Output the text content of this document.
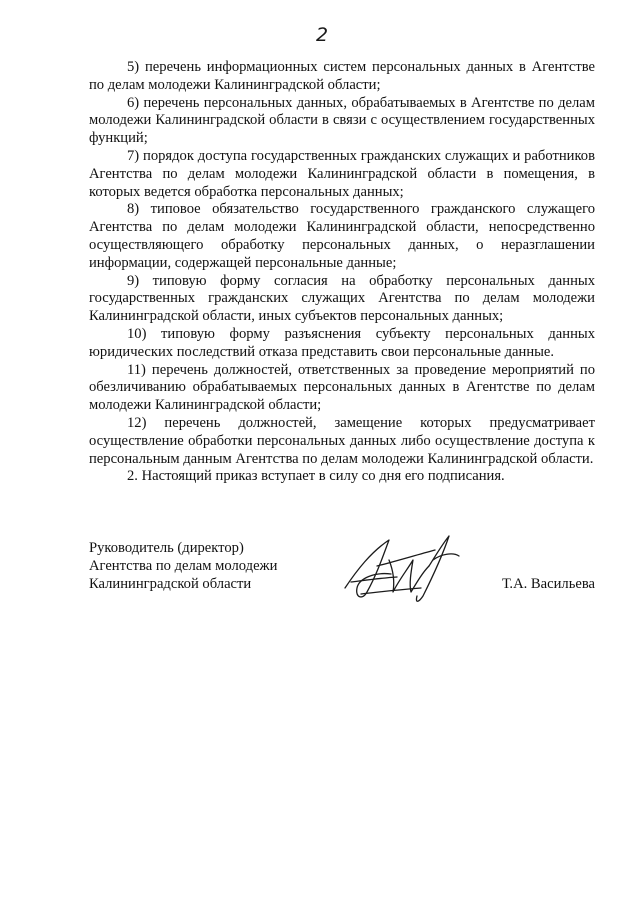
2

5) перечень информационных систем персональных данных в Агентстве по делам молодежи Калининградской области;

6) перечень персональных данных, обрабатываемых в Агентстве по делам молодежи Калининградской области в связи с осуществлением государственных функций;

7) порядок доступа государственных гражданских служащих и работников Агентства по делам молодежи Калининградской области в помещения, в которых ведется обработка персональных данных;

8) типовое обязательство государственного гражданского служащего Агентства по делам молодежи Калининградской области, непосредственно осуществляющего обработку персональных данных, о неразглашении информации, содержащей персональные данные;

9) типовую форму согласия на обработку персональных данных государственных гражданских служащих Агентства по делам молодежи Калининградской области, иных субъектов персональных данных;

10) типовую форму разъяснения субъекту персональных данных юридических последствий отказа представить свои персональные данные.

11) перечень должностей, ответственных за проведение мероприятий по обезличиванию обрабатываемых персональных данных в Агентстве по делам молодежи Калининградской области;

12) перечень должностей, замещение которых предусматривает осуществление обработки персональных данных либо осуществление доступа к персональным данным Агентства по делам молодежи Калининградской области.

2. Настоящий приказ вступает в силу со дня его подписания.

Руководитель (директор)
Агентства по делам молодежи
Калининградской области	Т.А. Васильева
